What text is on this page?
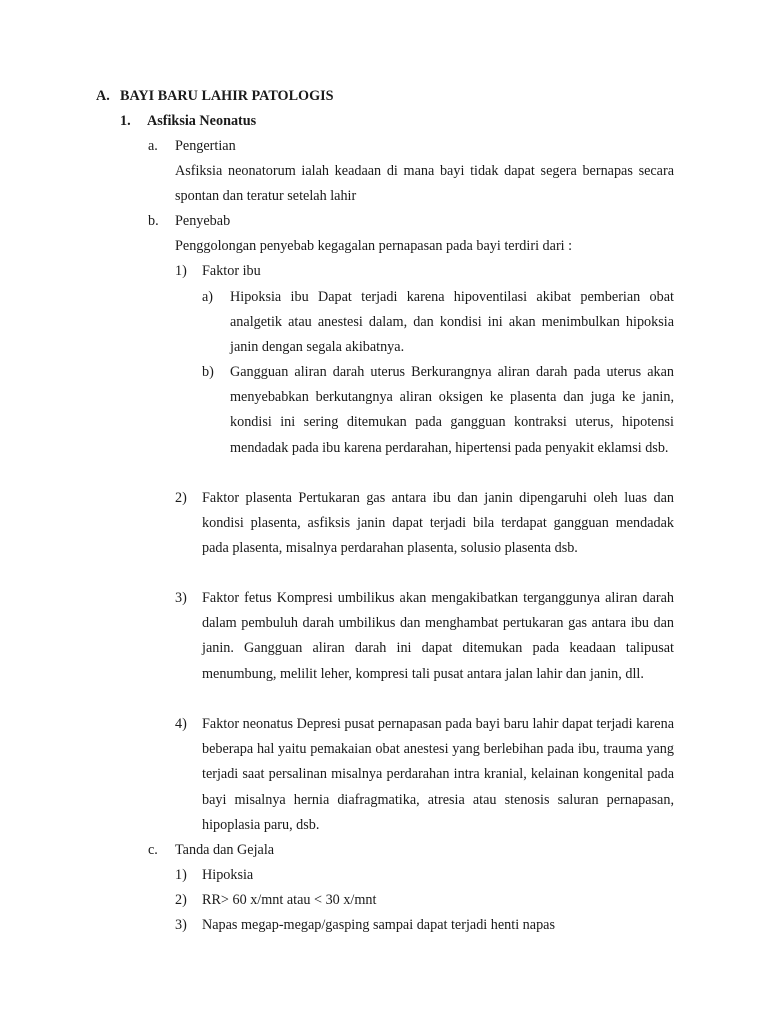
A. BAYI BARU LAHIR PATOLOGIS
1. Asfiksia Neonatus
a. Pengertian

Asfiksia neonatorum ialah keadaan di mana bayi tidak dapat segera bernapas secara spontan dan teratur setelah lahir

b. Penyebab
Penggolongan penyebab kegagalan pernapasan pada bayi terdiri dari :
1) Faktor ibu
a) Hipoksia ibu Dapat terjadi karena hipoventilasi akibat pemberian obat analgetik atau anestesi dalam, dan kondisi ini akan menimbulkan hipoksia janin dengan segala akibatnya.

b) Gangguan aliran darah uterus Berkurangnya aliran darah pada uterus akan menyebabkan berkutangnya aliran oksigen ke plasenta dan juga ke janin, kondisi ini sering ditemukan pada gangguan kontraksi uterus, hipotensi mendadak pada ibu karena perdarahan, hipertensi pada penyakit eklamsi dsb.

2) Faktor plasenta Pertukaran gas antara ibu dan janin dipengaruhi oleh luas dan kondisi plasenta, asfiksis janin dapat terjadi bila terdapat gangguan mendadak pada plasenta, misalnya perdarahan plasenta, solusio plasenta dsb.

3) Faktor fetus Kompresi umbilikus akan mengakibatkan terganggunya aliran darah dalam pembuluh darah umbilikus dan menghambat pertukaran gas antara ibu dan janin. Gangguan aliran darah ini dapat ditemukan pada keadaan talipusat menumbung, melilit leher, kompresi tali pusat antara jalan lahir dan janin, dll.

4) Faktor neonatus Depresi pusat pernapasan pada bayi baru lahir dapat terjadi karena beberapa hal yaitu pemakaian obat anestesi yang berlebihan pada ibu, trauma yang terjadi saat persalinan misalnya perdarahan intra kranial, kelainan kongenital pada bayi misalnya hernia diafragmatika, atresia atau stenosis saluran pernapasan, hipoplasia paru, dsb.

c. Tanda dan Gejala
1) Hipoksia
2) RR> 60 x/mnt atau < 30 x/mnt
3) Napas megap-megap/gasping sampai dapat terjadi henti napas
